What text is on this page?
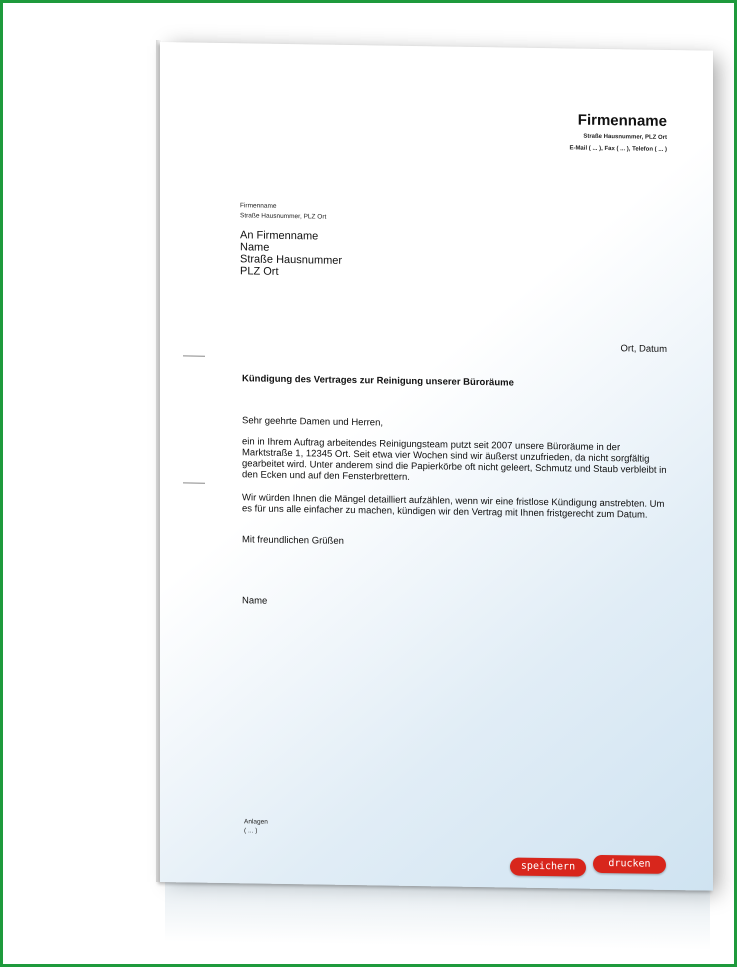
Firmenname
Straße Hausnummer, PLZ Ort
E-Mail ( ... ), Fax ( ... ), Telefon ( ... )
Firmenname
Straße Hausnummer, PLZ Ort
An Firmenname
Name
Straße Hausnummer
PLZ Ort
Ort, Datum
Kündigung des Vertrages zur Reinigung unserer Büroräume
Sehr geehrte Damen und Herren,
ein in Ihrem Auftrag arbeitendes Reinigungsteam putzt seit 2007 unsere Büroräume in der Marktstraße 1, 12345 Ort. Seit etwa vier Wochen sind wir äußerst unzufrieden, da nicht sorgfältig gearbeitet wird. Unter anderem sind die Papierkörbe oft nicht geleert, Schmutz und Staub verbleibt in den Ecken und auf den Fensterbrettern.
Wir würden Ihnen die Mängel detailliert aufzählen, wenn wir eine fristlose Kündigung anstrebten. Um es für uns alle einfacher zu machen, kündigen wir den Vertrag mit Ihnen fristgerecht zum Datum.
Mit freundlichen Grüßen
Name
Anlagen
( ... )
speichern	drucken
